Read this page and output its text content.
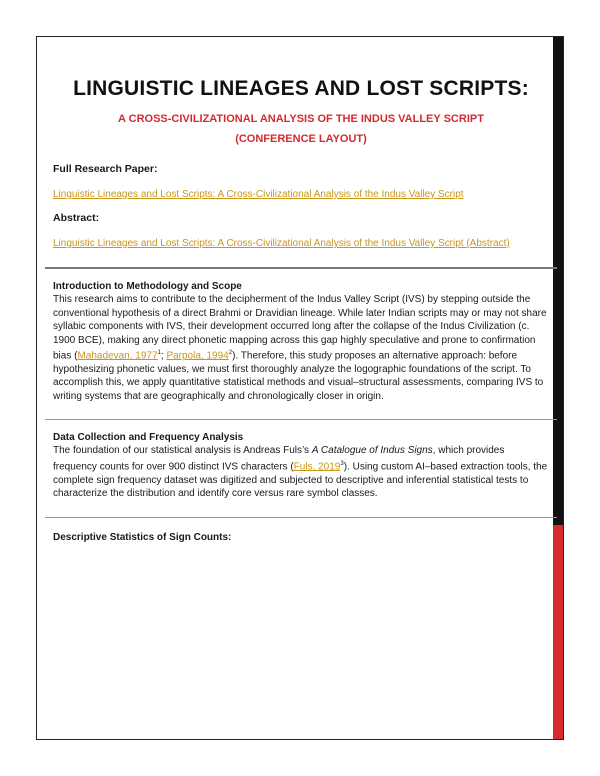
LINGUISTIC LINEAGES AND LOST SCRIPTS:
A CROSS-CIVILIZATIONAL ANALYSIS OF THE INDUS VALLEY SCRIPT
(CONFERENCE LAYOUT)
Full Research Paper:
Linguistic Lineages and Lost Scripts: A Cross-Civilizational Analysis of the Indus Valley Script
Abstract:
Linguistic Lineages and Lost Scripts: A Cross-Civilizational Analysis of the Indus Valley Script (Abstract)
Introduction to Methodology and Scope
This research aims to contribute to the decipherment of the Indus Valley Script (IVS) by stepping outside the conventional hypothesis of a direct Brahmi or Dravidian lineage. While later Indian scripts may or may not share syllabic components with IVS, their development occurred long after the collapse of the Indus Civilization (c. 1900 BCE), making any direct phonetic mapping across this gap highly speculative and prone to confirmation bias (Mahadevan, 1977$^1$; Parpola, 1994$^2$). Therefore, this study proposes an alternative approach: before hypothesizing phonetic values, we must first thoroughly analyze the logographic foundations of the script. To accomplish this, we apply quantitative statistical methods and visual–structural assessments, comparing IVS to writing systems that are geographically and chronologically closer in origin.
Data Collection and Frequency Analysis
The foundation of our statistical analysis is Andreas Fuls’s A Catalogue of Indus Signs, which provides frequency counts for over 900 distinct IVS characters (Fuls, 2019$^3$). Using custom AI–based extraction tools, the complete sign frequency dataset was digitized and subjected to descriptive and inferential statistical tests to characterize the distribution and identify core versus rare symbol classes.
Descriptive Statistics of Sign Counts:
